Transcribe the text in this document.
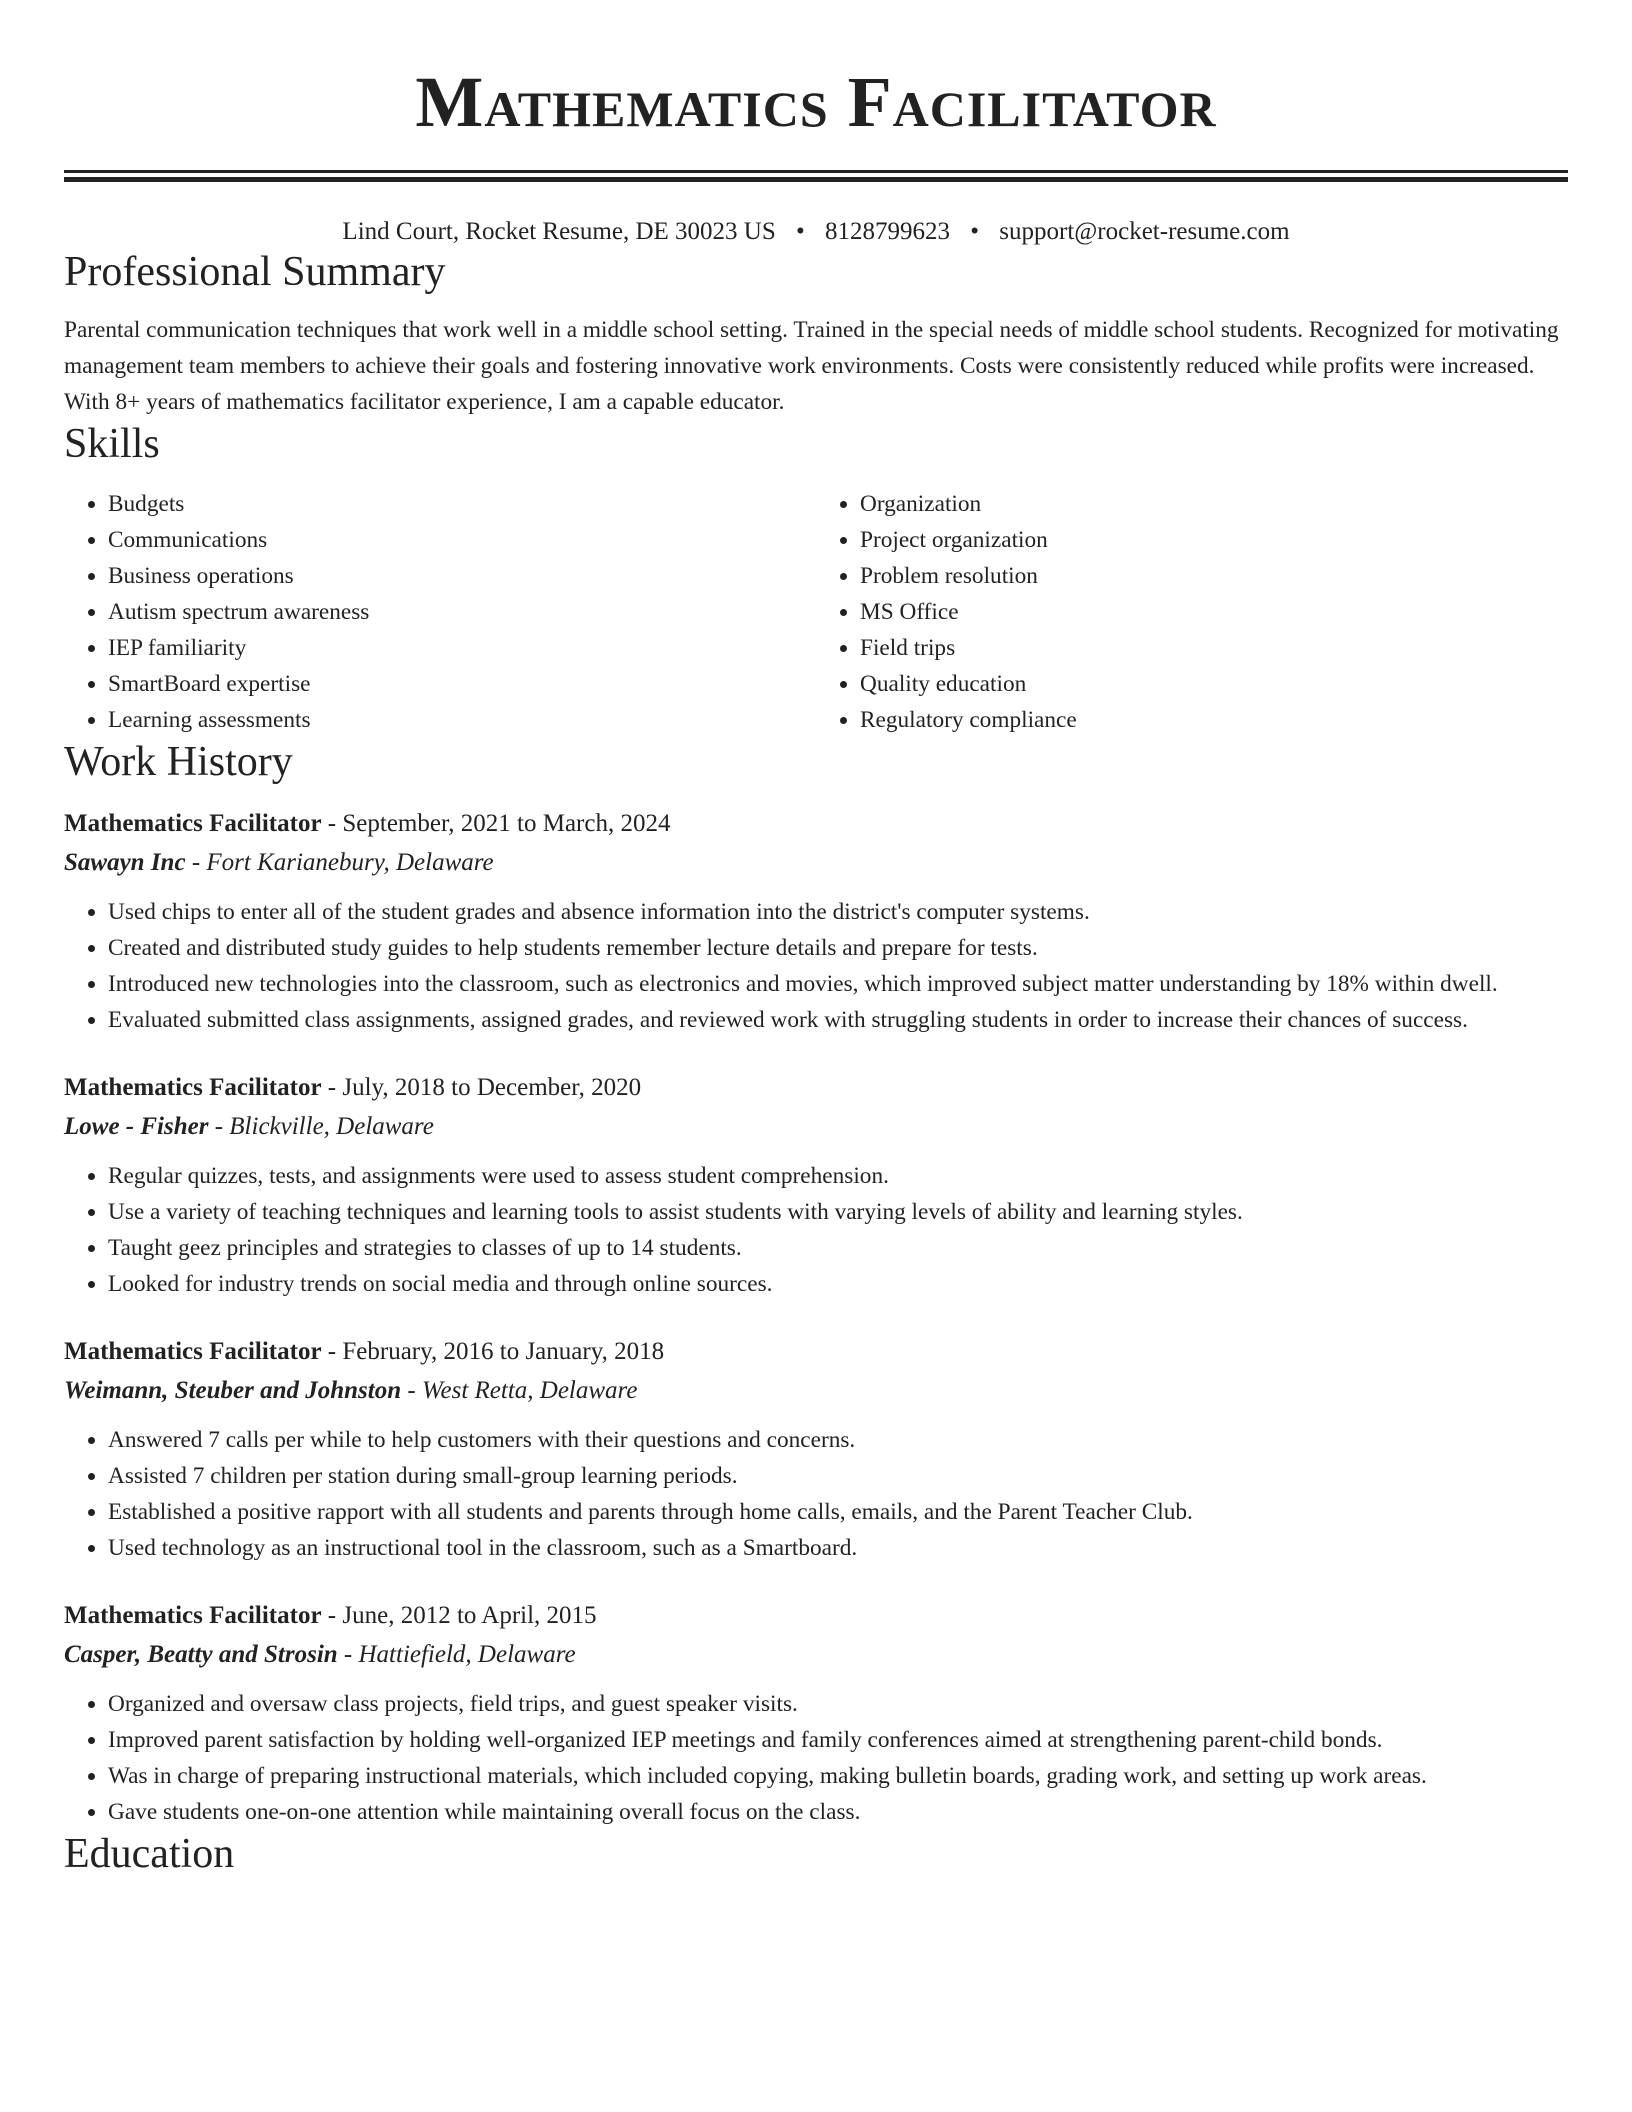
Mathematics Facilitator
Lind Court, Rocket Resume, DE 30023 US • 8128799623 • support@rocket-resume.com
Professional Summary
Parental communication techniques that work well in a middle school setting. Trained in the special needs of middle school students. Recognized for motivating management team members to achieve their goals and fostering innovative work environments. Costs were consistently reduced while profits were increased. With 8+ years of mathematics facilitator experience, I am a capable educator.
Skills
• Budgets
• Communications
• Business operations
• Autism spectrum awareness
• IEP familiarity
• SmartBoard expertise
• Learning assessments
• Organization
• Project organization
• Problem resolution
• MS Office
• Field trips
• Quality education
• Regulatory compliance
Work History
Mathematics Facilitator - September, 2021 to March, 2024
Sawayn Inc - Fort Karianebury, Delaware
• Used chips to enter all of the student grades and absence information into the district's computer systems.
• Created and distributed study guides to help students remember lecture details and prepare for tests.
• Introduced new technologies into the classroom, such as electronics and movies, which improved subject matter understanding by 18% within dwell.
• Evaluated submitted class assignments, assigned grades, and reviewed work with struggling students in order to increase their chances of success.
Mathematics Facilitator - July, 2018 to December, 2020
Lowe - Fisher - Blickville, Delaware
• Regular quizzes, tests, and assignments were used to assess student comprehension.
• Use a variety of teaching techniques and learning tools to assist students with varying levels of ability and learning styles.
• Taught geez principles and strategies to classes of up to 14 students.
• Looked for industry trends on social media and through online sources.
Mathematics Facilitator - February, 2016 to January, 2018
Weimann, Steuber and Johnston - West Retta, Delaware
• Answered 7 calls per while to help customers with their questions and concerns.
• Assisted 7 children per station during small-group learning periods.
• Established a positive rapport with all students and parents through home calls, emails, and the Parent Teacher Club.
• Used technology as an instructional tool in the classroom, such as a Smartboard.
Mathematics Facilitator - June, 2012 to April, 2015
Casper, Beatty and Strosin - Hattiefield, Delaware
• Organized and oversaw class projects, field trips, and guest speaker visits.
• Improved parent satisfaction by holding well-organized IEP meetings and family conferences aimed at strengthening parent-child bonds.
• Was in charge of preparing instructional materials, which included copying, making bulletin boards, grading work, and setting up work areas.
• Gave students one-on-one attention while maintaining overall focus on the class.
Education
